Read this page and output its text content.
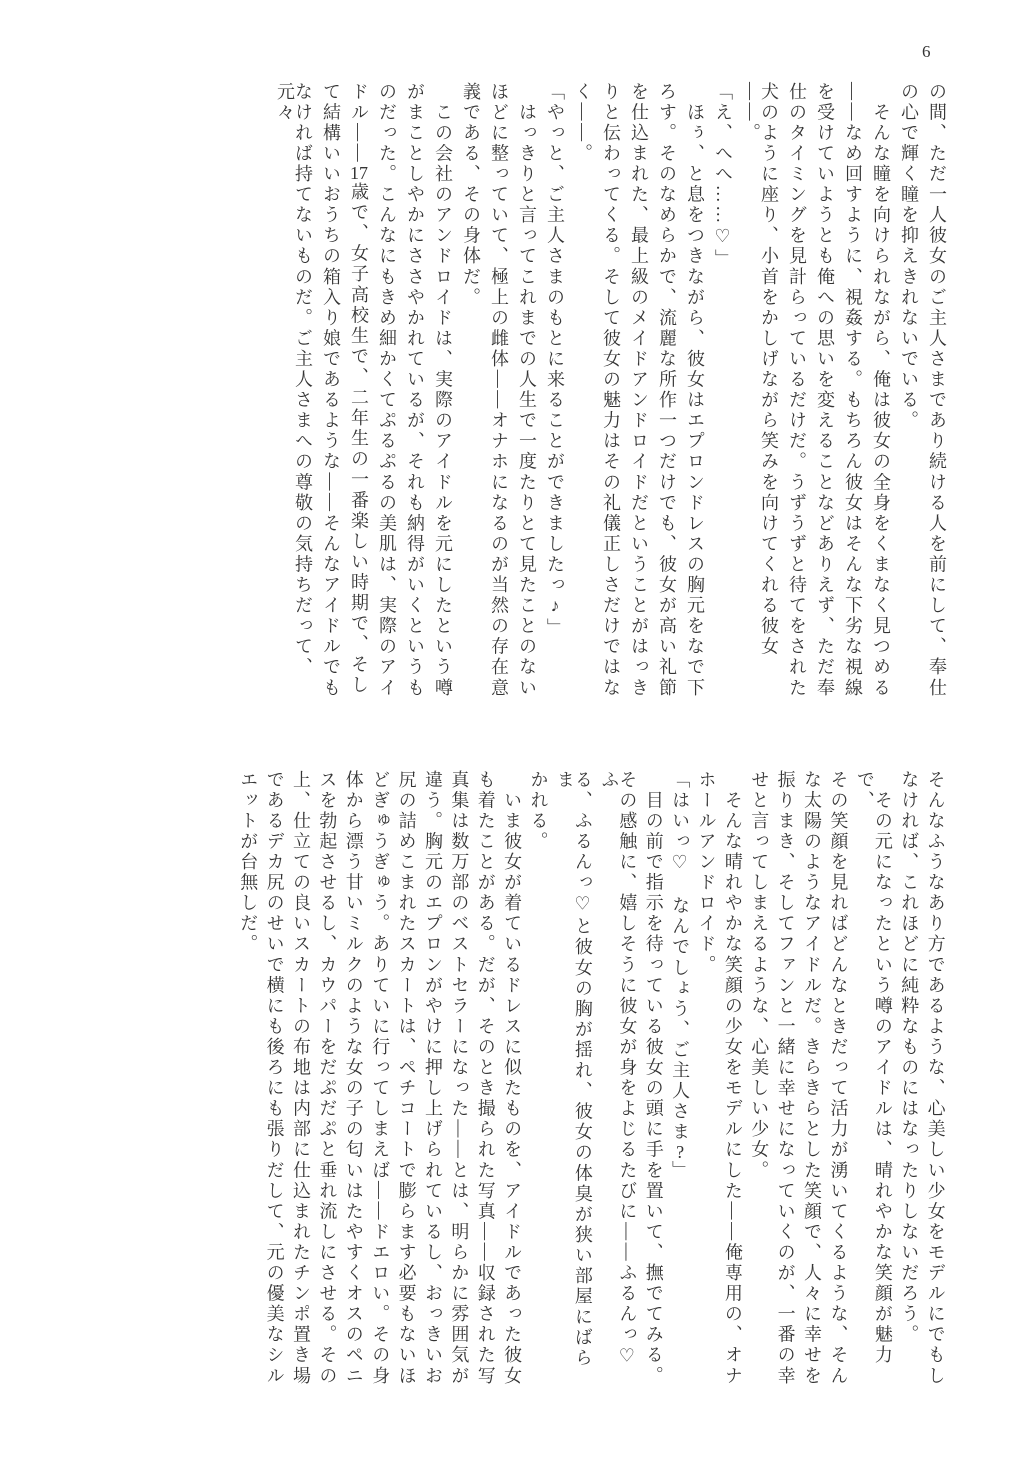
6
の間、ただ一人彼女のご主人さまであり続ける人を前にして、奉仕
の心で輝く瞳を抑えきれないでいる。
　そんな瞳を向けられながら、俺は彼女の全身をくまなく見つめる
——なめ回すように、視姦する。もちろん彼女はそんな下劣な視線
を受けていようとも俺への思いを変えることなどありえず、ただ奉
仕のタイミングを見計らっているだけだ。うずうずと待てをされた
犬のように座り、小首をかしげながら笑みを向けてくれる彼女——。
「え、へへ……♡」
　ほぅ、と息をつきながら、彼女はエプロンドレスの胸元をなで下
ろす。そのなめらかで、流麗な所作一つだけでも、彼女が高い礼節
を仕込まれた、最上級のメイドアンドロイドだということがはっき
りと伝わってくる。そして彼女の魅力はその礼儀正しさだけではな
く——。
「やっと、ご主人さまのもとに来ることができましたっ♪」
　はっきりと言ってこれまでの人生で一度たりとて見たことのない
ほどに整っていて、極上の雌体——オナホになるのが当然の存在意
義である、その身体だ。
　この会社のアンドロイドは、実際のアイドルを元にしたという噂
がまことしやかにささやかれているが、それも納得がいくというも
のだった。こんなにもきめ細かくてぷるぷるの美肌は、実際のアイ
ドル——17歳で、女子高校生で、二年生の一番楽しい時期で、そし
て結構いいおうちの箱入り娘であるような——そんなアイドルでも
なければ持てないものだ。ご主人さまへの尊敬の気持ちだって、元々
そんなふうなあり方であるような、心美しい少女をモデルにでもし
なければ、これほどに純粋なものにはなったりしないだろう。
　その元になったという噂のアイドルは、晴れやかな笑顔が魅力で、
その笑顔を見ればどんなときだって活力が湧いてくるような、そん
な太陽のようなアイドルだ。きらきらとした笑顔で、人々に幸せを
振りまき、そしてファンと一緒に幸せになっていくのが、一番の幸
せと言ってしまえるような、心美しい少女。
　そんな晴れやかな笑顔の少女をモデルにした——俺専用の、オナ
ホールアンドロイド。
「はいっ♡　なんでしょう、ご主人さま?」
　目の前で指示を待っている彼女の頭に手を置いて、撫でてみる。
その感触に、嬉しそうに彼女が身をよじるたびに——ふるんっ♡ふ
る、ふるんっ♡と彼女の胸が揺れ、彼女の体臭が狭い部屋にばらま
かれる。
　いま彼女が着ているドレスに似たものを、アイドルであった彼女
も着たことがある。だが、そのとき撮られた写真——収録された写
真集は数万部のベストセラーになった——とは、明らかに雰囲気が
違う。胸元のエプロンがやけに押し上げられているし、おっきいお
尻の詰めこまれたスカートは、ペチコートで膨らます必要もないほ
どぎゅうぎゅう。ありていに行ってしまえば——ドエロい。その身
体から漂う甘いミルクのような女の子の匂いはたやすくオスのペニ
スを勃起させるし、カウパーをだぷだぷと垂れ流しにさせる。その
上、仕立ての良いスカートの布地は内部に仕込まれたチンポ置き場
であるデカ尻のせいで横にも後ろにも張りだして、元の優美なシル
エットが台無しだ。
